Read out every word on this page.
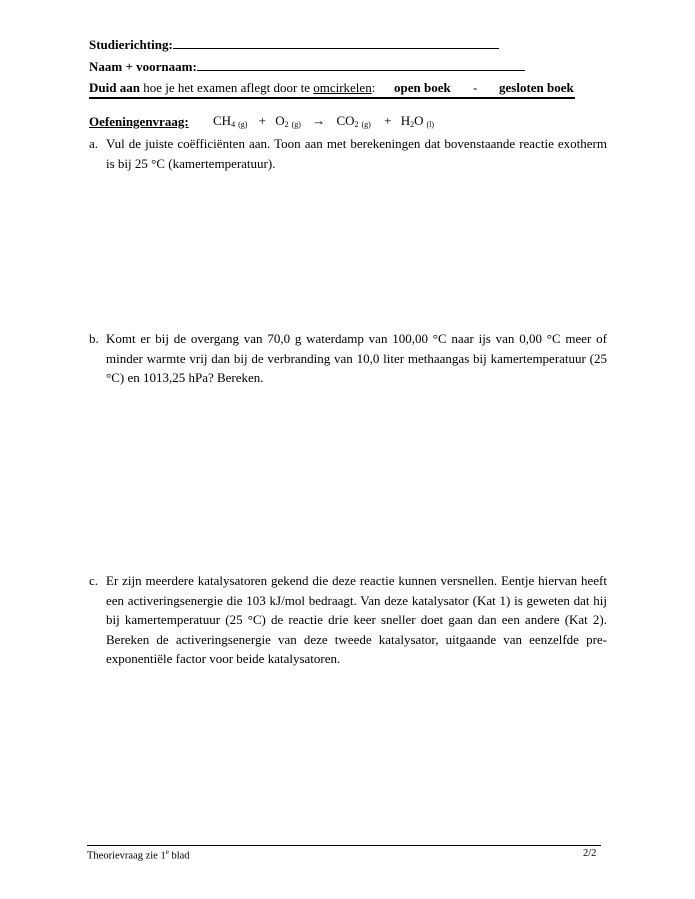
Studierichting:
Naam + voornaam:
Duid aan hoe je het examen aflegt door te omcirkelen: open boek - gesloten boek
Oefeningenvraag: $CH_4$ $_{(g)} + O_2$ $_{(g)} \to CO_2$ $_{(g)} + H_2O$ $_{(l)}$
a. Vul de juiste coëfficiënten aan. Toon aan met berekeningen dat bovenstaande reactie exotherm is bij 25 °C (kamertemperatuur).
b. Komt er bij de overgang van 70,0 g waterdamp van 100,00 °C naar ijs van 0,00 °C meer of minder warmte vrij dan bij de verbranding van 10,0 liter methaangas bij kamertemperatuur (25 °C) en 1013,25 hPa? Bereken.
c. Er zijn meerdere katalysatoren gekend die deze reactie kunnen versnellen. Eentje hiervan heeft een activeringsenergie die 103 kJ/mol bedraagt. Van deze katalysator (Kat 1) is geweten dat hij bij kamertemperatuur (25 °C) de reactie drie keer sneller doet gaan dan een andere (Kat 2). Bereken de activeringsenergie van deze tweede katalysator, uitgaande van eenzelfde pre-exponentiële factor voor beide katalysatoren.
Theorievraag zie 1e blad	2/2
